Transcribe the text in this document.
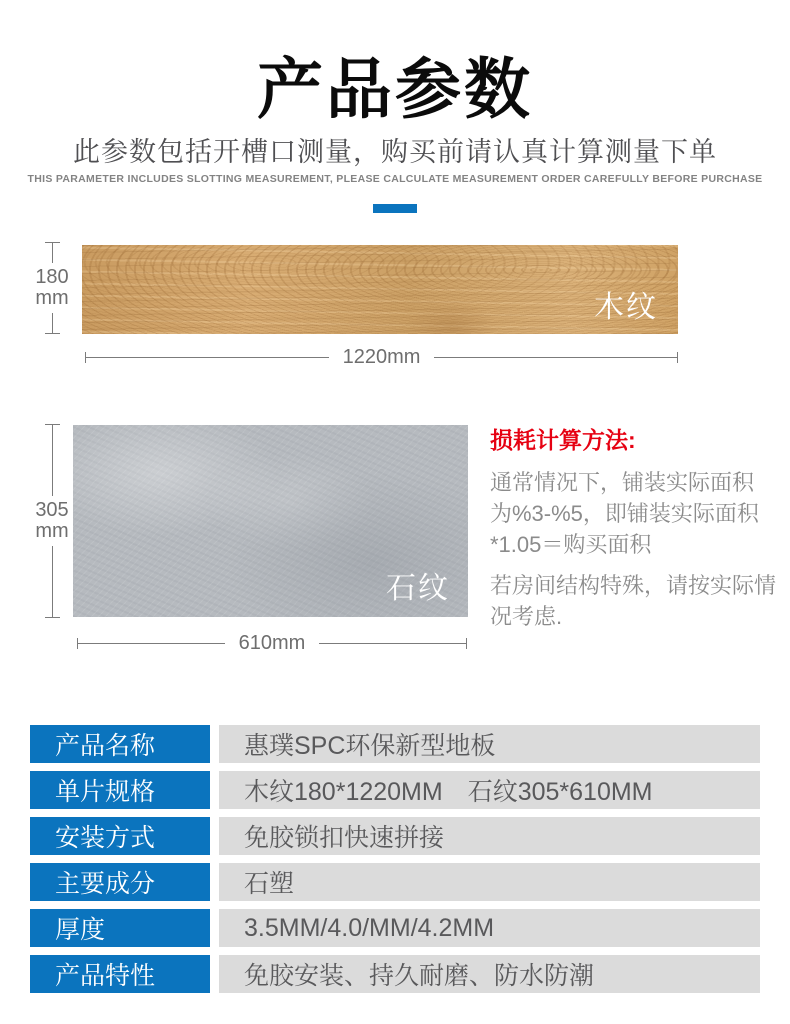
产品参数
此参数包括开槽口测量，购买前请认真计算测量下单
THIS PARAMETER INCLUDES SLOTTING MEASUREMENT, PLEASE CALCULATE MEASUREMENT ORDER CAREFULLY BEFORE PURCHASE
180
mm	木纹
1220mm
305
mm
石纹
610mm
损耗计算方法:

通常情况下，铺装实际面积为%3-%5，即铺装实际面积*1.05＝购买面积

若房间结构特殊，请按实际情况考虑.

产品名称	惠璞SPC环保新型地板
单片规格	木纹180*1220MM　石纹305*610MM
安装方式	免胶锁扣快速拼接
主要成分	石塑
厚度	3.5MM/4.0/MM/4.2MM
产品特性	免胶安装、持久耐磨、防水防潮
